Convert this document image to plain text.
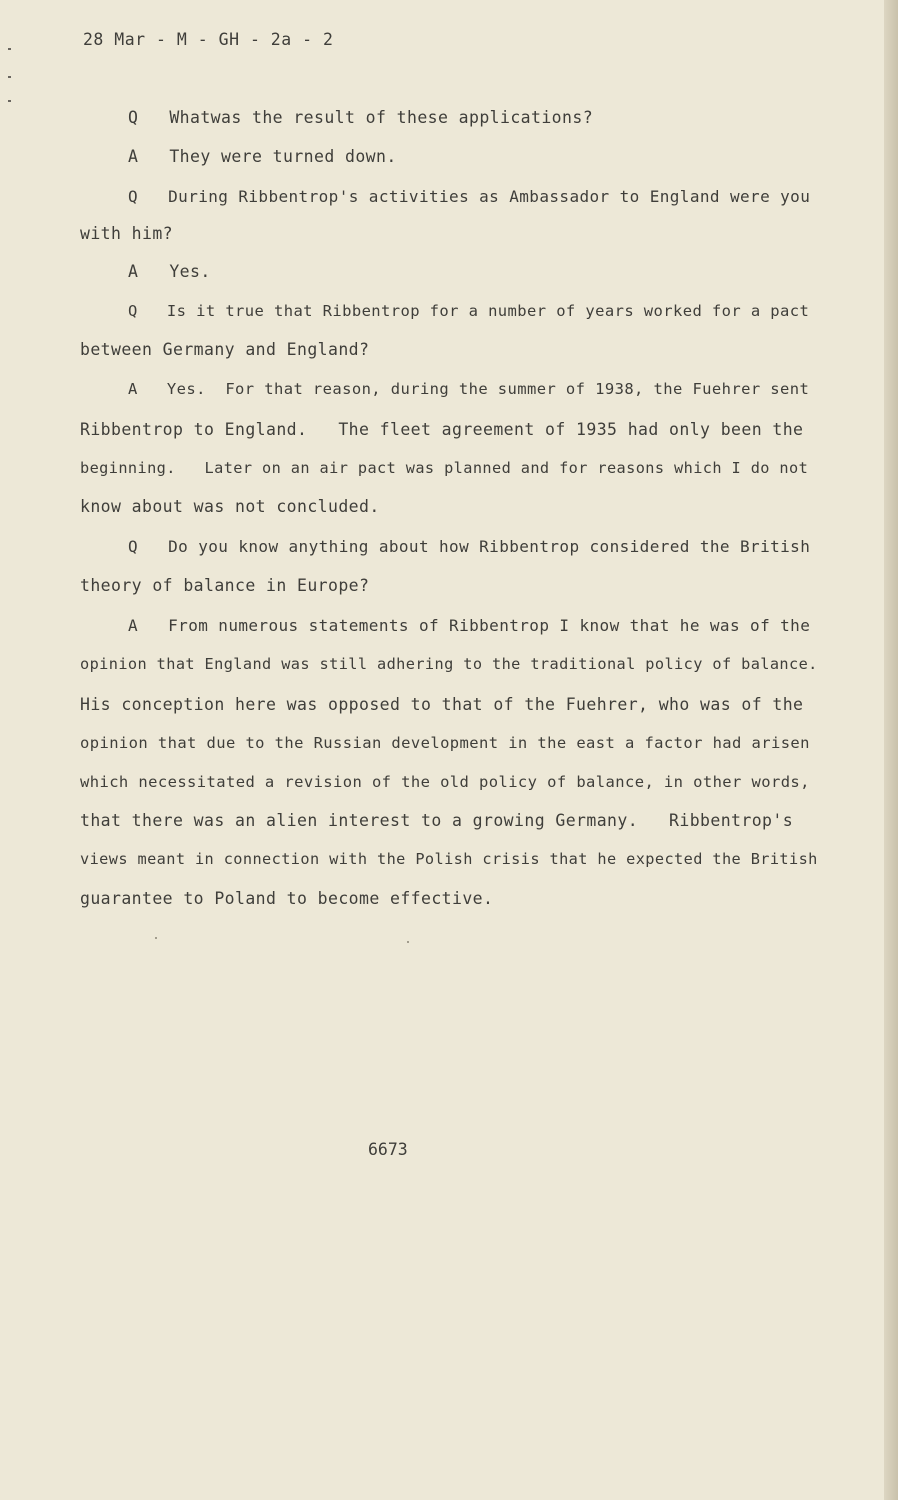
28 Mar - M - GH - 2a - 2
Q   Whatwas the result of these applications?
A   They were turned down.
Q   During Ribbentrop's activities as Ambassador to England were you
with him?
A   Yes.
Q   Is it true that Ribbentrop for a number of years worked for a pact
between Germany and England?
A   Yes.  For that reason, during the summer of 1938, the Fuehrer sent
Ribbentrop to England.   The fleet agreement of 1935 had only been the
beginning.   Later on an air pact was planned and for reasons which I do not
know about was not concluded.
Q   Do you know anything about how Ribbentrop considered the British
theory of balance in Europe?
A   From numerous statements of Ribbentrop I know that he was of the
opinion that England was still adhering to the traditional policy of balance.
His conception here was opposed to that of the Fuehrer, who was of the
opinion that due to the Russian development in the east a factor had arisen
which necessitated a revision of the old policy of balance, in other words,
that there was an alien interest to a growing Germany.   Ribbentrop's
views meant in connection with the Polish crisis that he expected the British
guarantee to Poland to become effective.
6673
